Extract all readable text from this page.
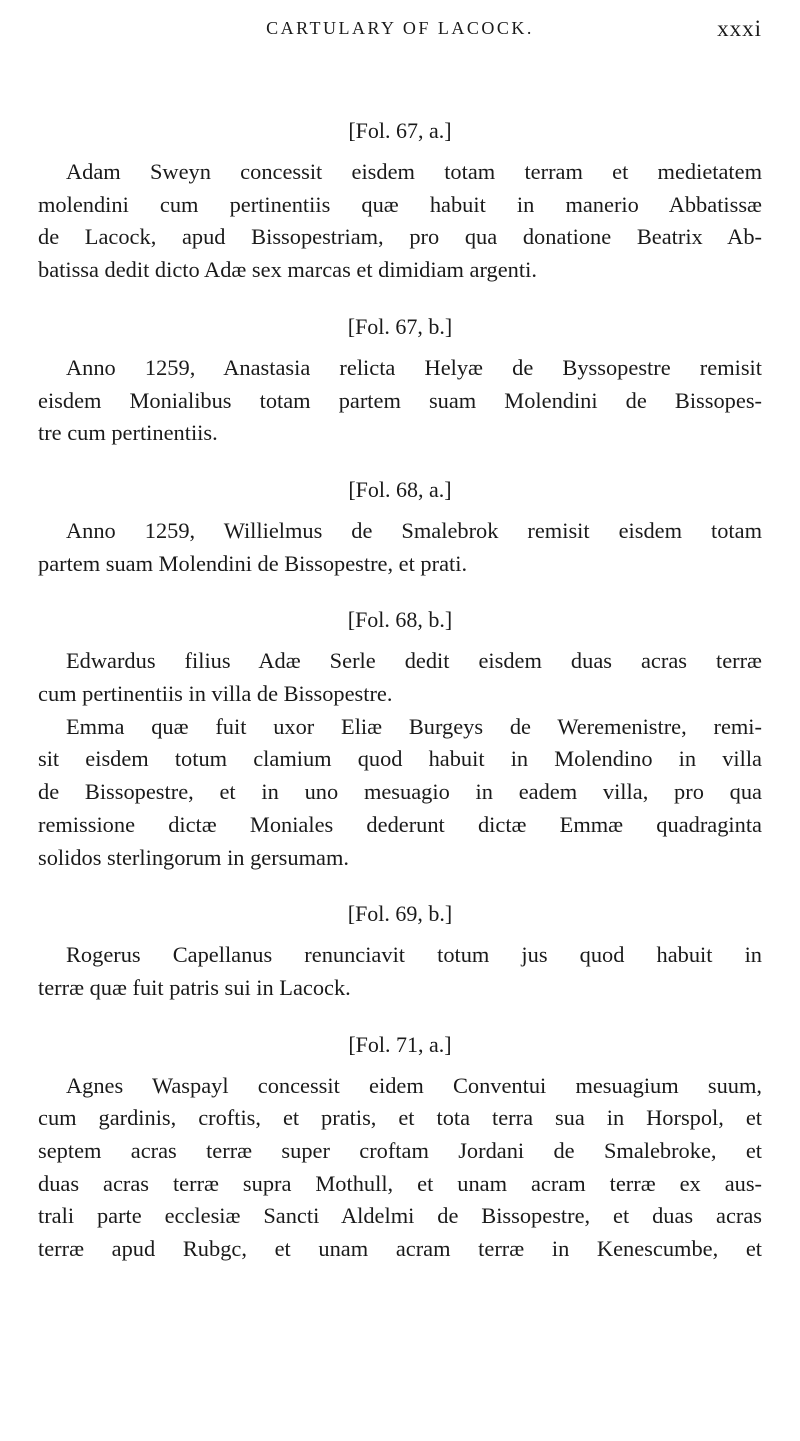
CARTULARY OF LACOCK.	xxxi
[Fol. 67, a.]
Adam Sweyn concessit eisdem totam terram et medietatem
molendini cum pertinentiis quæ habuit in manerio Abbatissæ
de Lacock, apud Bissopestriam, pro qua donatione Beatrix Ab-
batissa dedit dicto Adæ sex marcas et dimidiam argenti.
[Fol. 67, b.]
Anno 1259, Anastasia relicta Helyæ de Byssopestre remisit
eisdem Monialibus totam partem suam Molendini de Bissopes-
tre cum pertinentiis.
[Fol. 68, a.]
Anno 1259, Willielmus de Smalebrok remisit eisdem totam
partem suam Molendini de Bissopestre, et prati.
[Fol. 68, b.]
Edwardus filius Adæ Serle dedit eisdem duas acras terræ
cum pertinentiis in villa de Bissopestre.
Emma quæ fuit uxor Eliæ Burgeys de Weremenistre, remi-
sit eisdem totum clamium quod habuit in Molendino in villa
de Bissopestre, et in uno mesuagio in eadem villa, pro qua
remissione dictæ Moniales dederunt dictæ Emmæ quadraginta
solidos sterlingorum in gersumam.
[Fol. 69, b.]
Rogerus Capellanus renunciavit totum jus quod habuit in
terræ quæ fuit patris sui in Lacock.
[Fol. 71, a.]
Agnes Waspayl concessit eidem Conventui mesuagium suum,
cum gardinis, croftis, et pratis, et tota terra sua in Horspol, et
septem acras terræ super croftam Jordani de Smalebroke, et
duas acras terræ supra Mothull, et unam acram terræ ex aus-
trali parte ecclesiæ Sancti Aldelmi de Bissopestre, et duas acras
terræ apud Rubgc, et unam acram terræ in Kenescumbe, et
